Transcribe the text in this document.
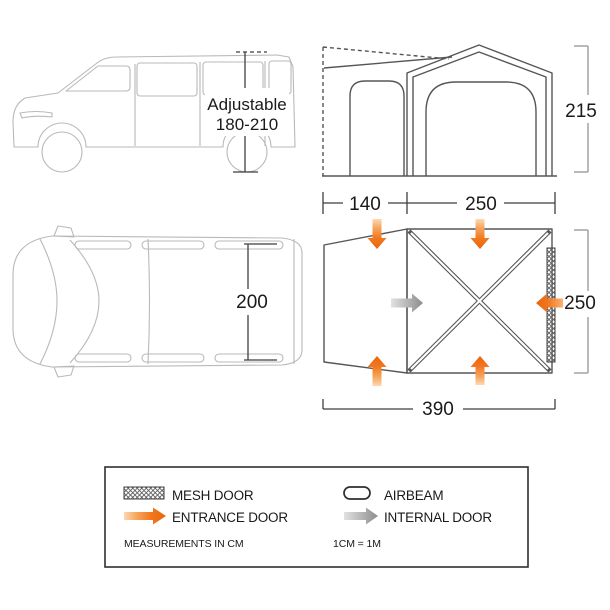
Adjustable
180-210
215
140	250
200	250
390
MESH DOOR	AIRBEAM
ENTRANCE DOOR	INTERNAL DOOR
MEASUREMENTS IN CM	1CM = 1M
